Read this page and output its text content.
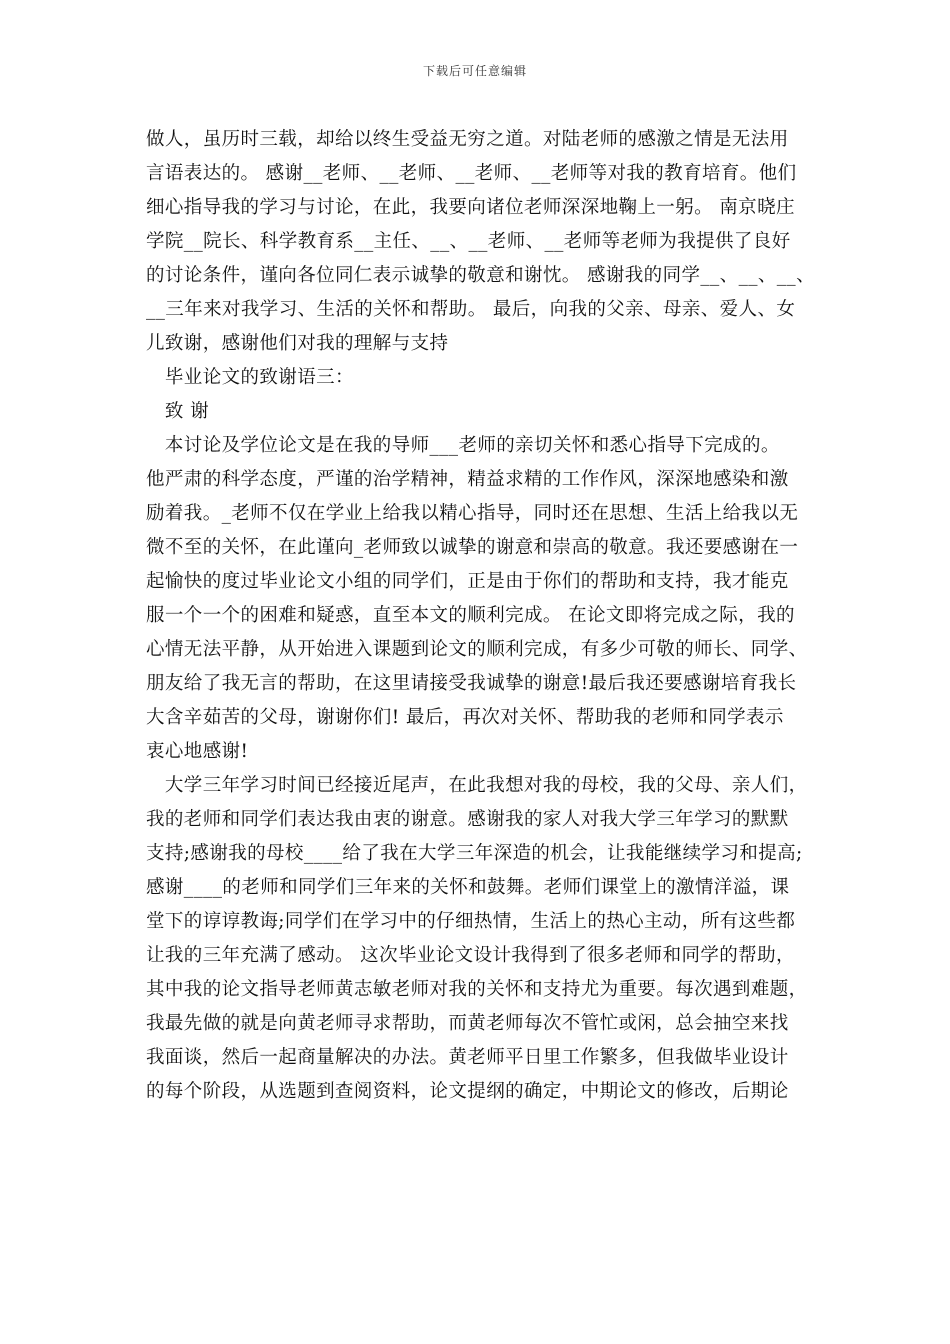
下载后可任意编辑
做人，虽历时三载，却给以终生受益无穷之道。对陆老师的感激之情是无法用
言语表达的。 感谢__老师、__老师、__老师、__老师等对我的教育培育。他们
细心指导我的学习与讨论，在此，我要向诸位老师深深地鞠上一躬。 南京晓庄
学院__院长、科学教育系__主任、__、__老师、__老师等老师为我提供了良好
的讨论条件，谨向各位同仁表示诚挚的敬意和谢忱。 感谢我的同学__、__、__、
__三年来对我学习、生活的关怀和帮助。 最后，向我的父亲、母亲、爱人、女
儿致谢，感谢他们对我的理解与支持
　毕业论文的致谢语三：
　致 谢
　本讨论及学位论文是在我的导师___老师的亲切关怀和悉心指导下完成的。
他严肃的科学态度，严谨的治学精神，精益求精的工作作风，深深地感染和激
励着我。_老师不仅在学业上给我以精心指导，同时还在思想、生活上给我以无
微不至的关怀，在此谨向_老师致以诚挚的谢意和崇高的敬意。我还要感谢在一
起愉快的度过毕业论文小组的同学们，正是由于你们的帮助和支持，我才能克
服一个一个的困难和疑惑，直至本文的顺利完成。 在论文即将完成之际，我的
心情无法平静，从开始进入课题到论文的顺利完成，有多少可敬的师长、同学、
朋友给了我无言的帮助，在这里请接受我诚挚的谢意!最后我还要感谢培育我长
大含辛茹苦的父母，谢谢你们! 最后，再次对关怀、帮助我的老师和同学表示
衷心地感谢!
　大学三年学习时间已经接近尾声，在此我想对我的母校，我的父母、亲人们，
我的老师和同学们表达我由衷的谢意。感谢我的家人对我大学三年学习的默默
支持;感谢我的母校____给了我在大学三年深造的机会，让我能继续学习和提高;
感谢____的老师和同学们三年来的关怀和鼓舞。老师们课堂上的激情洋溢，课
堂下的谆谆教诲;同学们在学习中的仔细热情，生活上的热心主动，所有这些都
让我的三年充满了感动。 这次毕业论文设计我得到了很多老师和同学的帮助，
其中我的论文指导老师黄志敏老师对我的关怀和支持尤为重要。每次遇到难题，
我最先做的就是向黄老师寻求帮助，而黄老师每次不管忙或闲，总会抽空来找
我面谈，然后一起商量解决的办法。黄老师平日里工作繁多，但我做毕业设计
的每个阶段，从选题到查阅资料，论文提纲的确定，中期论文的修改，后期论
